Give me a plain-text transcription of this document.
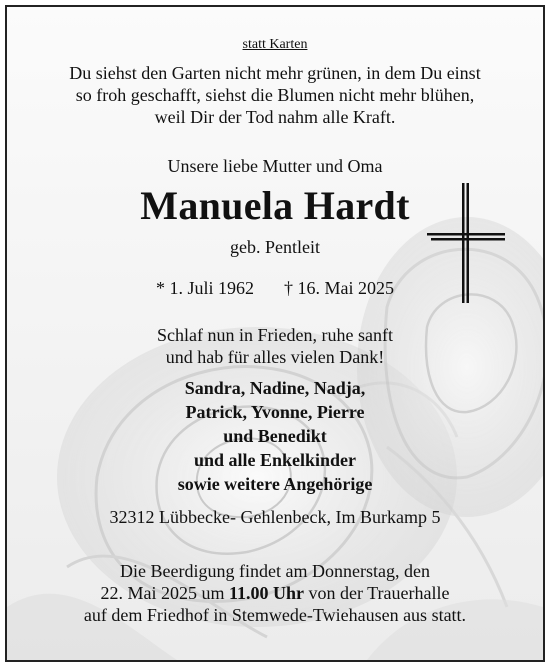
statt Karten
Du siehst den Garten nicht mehr grünen, in dem Du einst
so froh geschafft, siehst die Blumen nicht mehr blühen,
weil Dir der Tod nahm alle Kraft.
Unsere liebe Mutter und Oma
Manuela Hardt
geb. Pentleit
* 1. Juli 1962 † 16. Mai 2025
Schlaf nun in Frieden, ruhe sanft
und hab für alles vielen Dank!
Sandra, Nadine, Nadja,
Patrick, Yvonne, Pierre
und Benedikt
und alle Enkelkinder
sowie weitere Angehörige
32312 Lübbecke- Gehlenbeck, Im Burkamp 5
Die Beerdigung findet am Donnerstag, den
22. Mai 2025 um 11.00 Uhr von der Trauerhalle
auf dem Friedhof in Stemwede-Twiehausen aus statt.
